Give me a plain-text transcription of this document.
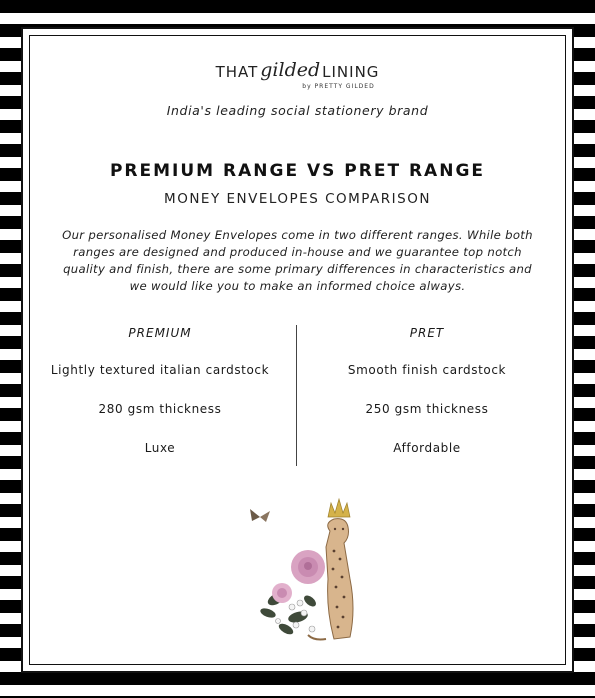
THAT gilded LINING
by PRETTY GILDED
India's leading social stationery brand
PREMIUM RANGE VS PRET RANGE
MONEY ENVELOPES COMPARISON
Our personalised Money Envelopes come in two different ranges. While both ranges are designed and produced in-house and we guarantee top notch quality and finish, there are some primary differences in characteristics and we would like you to make an informed choice always.
PREMIUM
Lightly textured italian cardstock
280 gsm thickness
Luxe
PRET
Smooth finish cardstock
250 gsm thickness
Affordable
